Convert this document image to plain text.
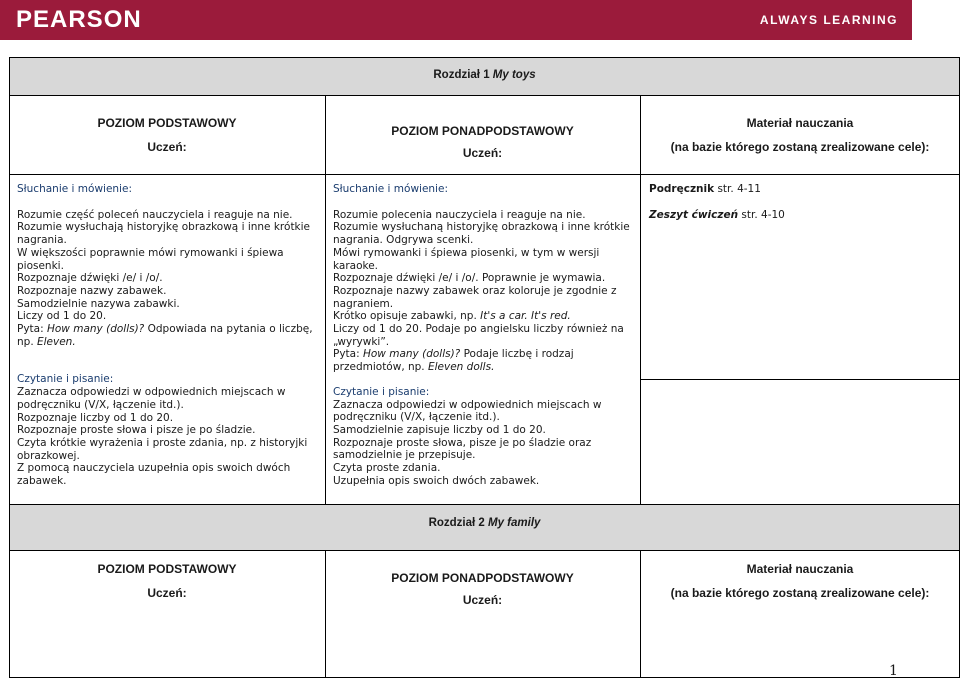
PEARSON	ALWAYS LEARNING
Rozdział 1 My toys
POZIOM PODSTAWOWY
Uczeń:
POZIOM PONADPODSTAWOWY
Uczeń:
Materiał nauczania
(na bazie którego zostaną zrealizowane cele):

Słuchanie i mówienie:

Rozumie część poleceń nauczyciela i reaguje na nie.

Rozumie wysłuchają historyjkę obrazkową i inne krótkie nagrania.

W większości poprawnie mówi rymowanki i śpiewa piosenki.

Rozpoznaje dźwięki /e/ i /o/.

Rozpoznaje nazwy zabawek.

Samodzielnie nazywa zabawki.

Liczy od 1 do 20.

Pyta: How many (dolls)? Odpowiada na pytania o liczbę, np. Eleven.

Czytanie i pisanie:

Zaznacza odpowiedzi w odpowiednich miejscach w podręczniku (V/X, łączenie itd.).

Rozpoznaje liczby od 1 do 20.

Rozpoznaje proste słowa i pisze je po śladzie.

Czyta krótkie wyrażenia i proste zdania, np. z historyjki obrazkowej.

Z pomocą nauczyciela uzupełnia opis swoich dwóch zabawek.

Słuchanie i mówienie:

Rozumie polecenia nauczyciela i reaguje na nie.

Rozumie wysłuchaną historyjkę obrazkową i inne krótkie nagrania. Odgrywa scenki.

Mówi rymowanki i śpiewa piosenki, w tym w wersji karaoke.

Rozpoznaje dźwięki /e/ i /o/. Poprawnie je wymawia.

Rozpoznaje nazwy zabawek oraz koloruje je zgodnie z nagraniem.

Krótko opisuje zabawki, np. It's a car. It's red.

Liczy od 1 do 20. Podaje po angielsku liczby również na „wyrywki”.

Pyta: How many (dolls)? Podaje liczbę i rodzaj przedmiotów, np. Eleven dolls.

Czytanie i pisanie:

Zaznacza odpowiedzi w odpowiednich miejscach w podręczniku (V/X, łączenie itd.).

Samodzielnie zapisuje liczby od 1 do 20.

Rozpoznaje proste słowa, pisze je po śladzie oraz samodzielnie je przepisuje.

Czyta proste zdania.

Uzupełnia opis swoich dwóch zabawek.

Podręcznik str. 4-11

Zeszyt ćwiczeń str. 4-10

Rozdział 2 My family
POZIOM PODSTAWOWY
Uczeń:
POZIOM PONADPODSTAWOWY
Uczeń:
Materiał nauczania
(na bazie którego zostaną zrealizowane cele):
1
